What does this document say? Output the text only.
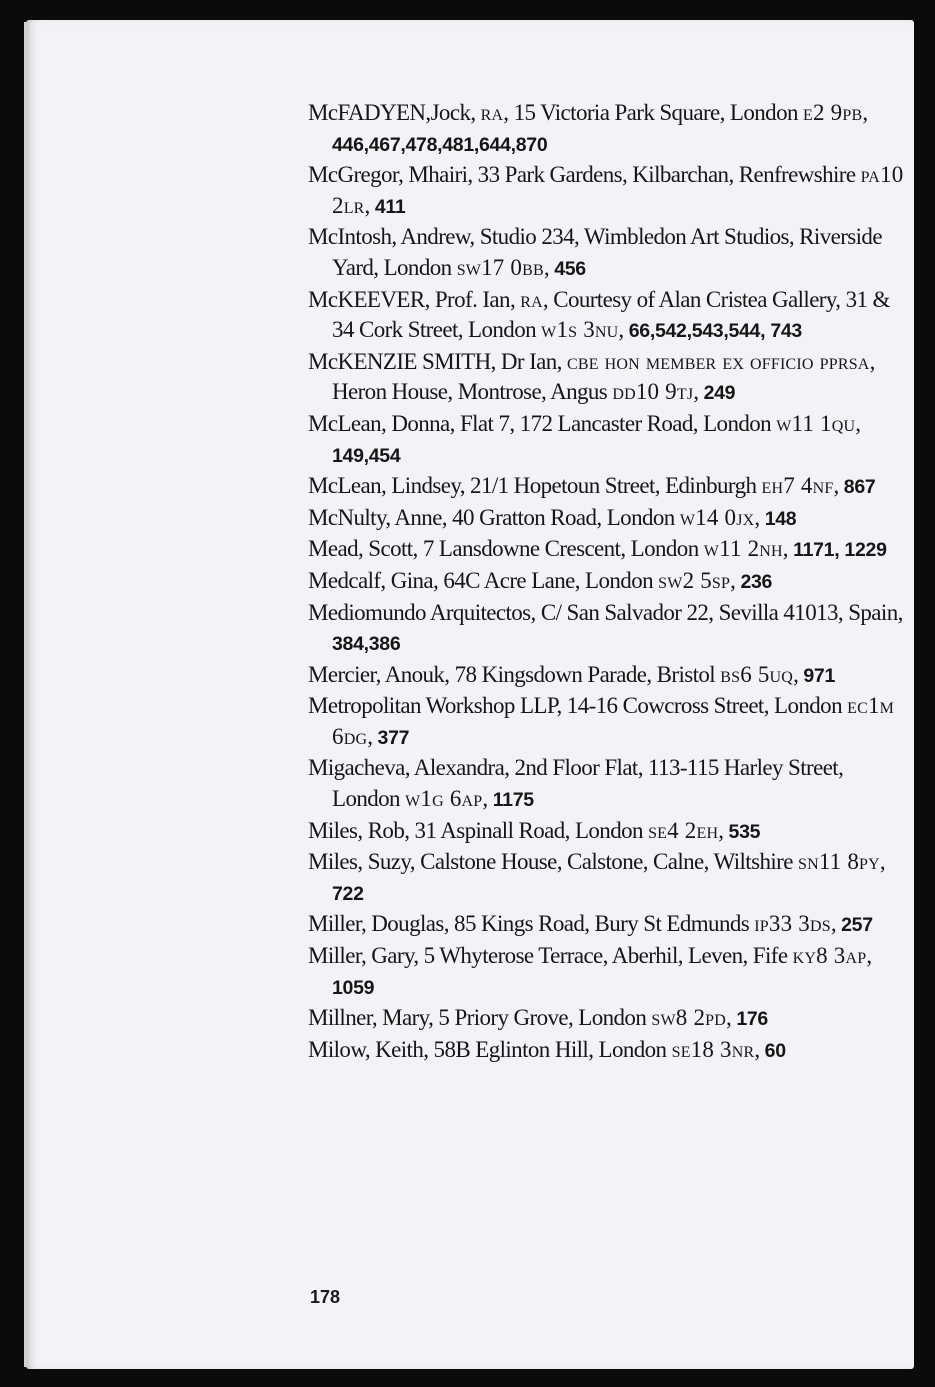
McFADYEN,Jock, ra, 15 Victoria Park Square, London e2 9pb, 446,467,478,481,644,870

McGregor, Mhairi, 33 Park Gardens, Kilbarchan, Renfrewshire pa10 2lr, 411

McIntosh, Andrew, Studio 234, Wimbledon Art Studios, Riverside Yard, London sw17 0bb, 456

McKEEVER, Prof. Ian, ra, Courtesy of Alan Cristea Gallery, 31 & 34 Cork Street, London w1s 3nu, 66,542,543,544, 743

McKENZIE SMITH, Dr Ian, cbe hon member ex officio pprsa, Heron House, Montrose, Angus dd10 9tj, 249

McLean, Donna, Flat 7, 172 Lancaster Road, London w11 1qu, 149,454

McLean, Lindsey, 21/1 Hopetoun Street, Edinburgh eh7 4nf, 867

McNulty, Anne, 40 Gratton Road, London w14 0jx, 148

Mead, Scott, 7 Lansdowne Crescent, London w11 2nh, 1171, 1229

Medcalf, Gina, 64C Acre Lane, London sw2 5sp, 236

Mediomundo Arquitectos, C/ San Salvador 22, Sevilla 41013, Spain, 384,386

Mercier, Anouk, 78 Kingsdown Parade, Bristol bs6 5uq, 971

Metropolitan Workshop LLP, 14-16 Cowcross Street, London ec1m 6dg, 377

Migacheva, Alexandra, 2nd Floor Flat, 113-115 Harley Street, London w1g 6ap, 1175

Miles, Rob, 31 Aspinall Road, London se4 2eh, 535

Miles, Suzy, Calstone House, Calstone, Calne, Wiltshire sn11 8py, 722

Miller, Douglas, 85 Kings Road, Bury St Edmunds ip33 3ds, 257

Miller, Gary, 5 Whyterose Terrace, Aberhil, Leven, Fife ky8 3ap, 1059

Millner, Mary, 5 Priory Grove, London sw8 2pd, 176

Milow, Keith, 58B Eglinton Hill, London se18 3nr, 60

178
